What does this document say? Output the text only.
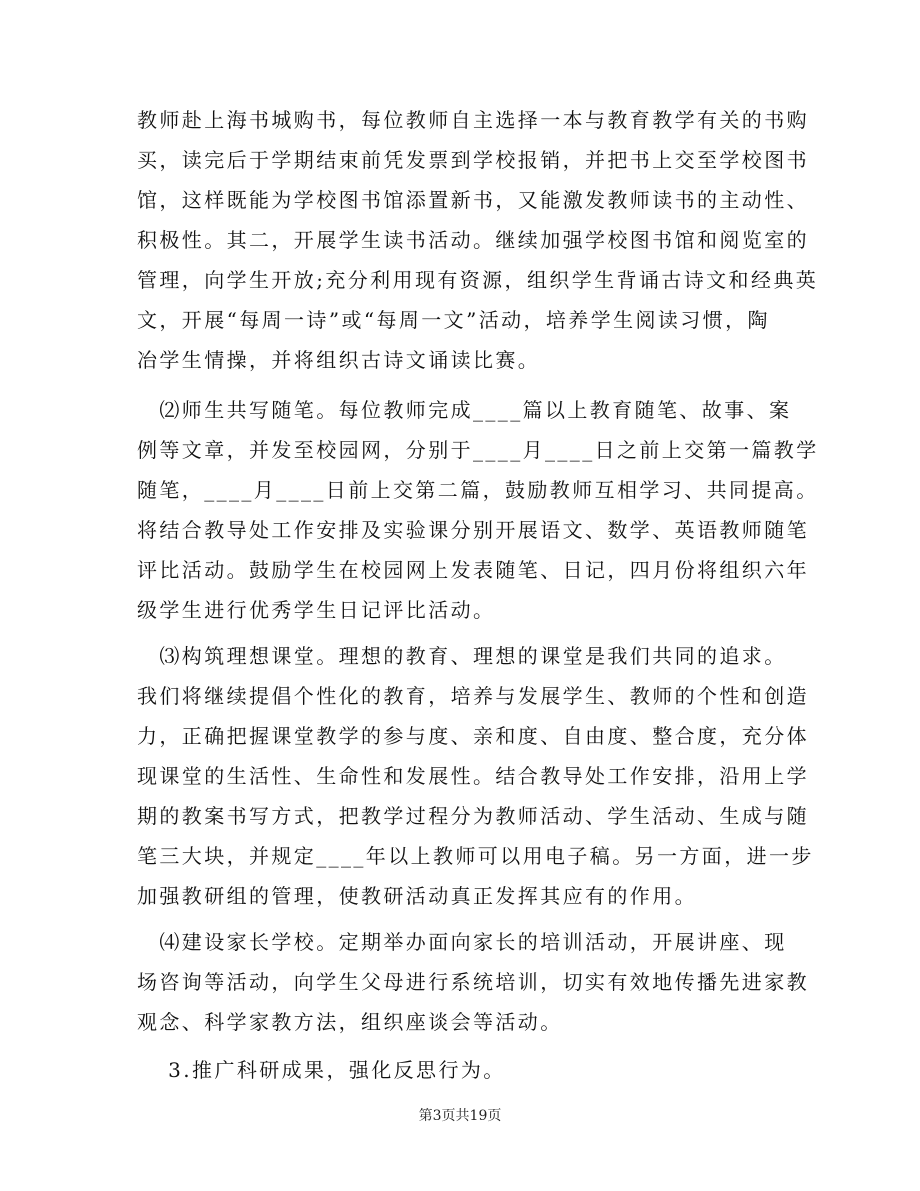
教师赴上海书城购书，每位教师自主选择一本与教育教学有关的书购
买，读完后于学期结束前凭发票到学校报销，并把书上交至学校图书
馆，这样既能为学校图书馆添置新书，又能激发教师读书的主动性、
积极性。其二，开展学生读书活动。继续加强学校图书馆和阅览室的
管理，向学生开放;充分利用现有资源，组织学生背诵古诗文和经典英
文，开展“每周一诗”或“每周一文”活动，培养学生阅读习惯，陶
冶学生情操，并将组织古诗文诵读比赛。
　⑵师生共写随笔。每位教师完成____篇以上教育随笔、故事、案
例等文章，并发至校园网，分别于____月____日之前上交第一篇教学
随笔，____月____日前上交第二篇，鼓励教师互相学习、共同提高。
将结合教导处工作安排及实验课分别开展语文、数学、英语教师随笔
评比活动。鼓励学生在校园网上发表随笔、日记，四月份将组织六年
级学生进行优秀学生日记评比活动。
　⑶构筑理想课堂。理想的教育、理想的课堂是我们共同的追求。
我们将继续提倡个性化的教育，培养与发展学生、教师的个性和创造
力，正确把握课堂教学的参与度、亲和度、自由度、整合度，充分体
现课堂的生活性、生命性和发展性。结合教导处工作安排，沿用上学
期的教案书写方式，把教学过程分为教师活动、学生活动、生成与随
笔三大块，并规定____年以上教师可以用电子稿。另一方面，进一步
加强教研组的管理，使教研活动真正发挥其应有的作用。
　⑷建设家长学校。定期举办面向家长的培训活动，开展讲座、现
场咨询等活动，向学生父母进行系统培训，切实有效地传播先进家教
观念、科学家教方法，组织座谈会等活动。
　 3.推广科研成果，强化反思行为。
第3页共19页
